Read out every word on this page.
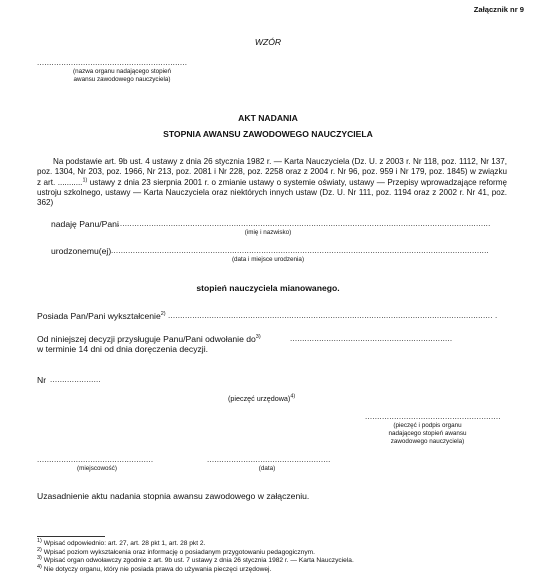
Załącznik nr 9
WZÓR
..............................................................
(nazwa organu nadającego stopień
awansu zawodowego nauczyciela)
AKT NADANIA
STOPNIA AWANSU ZAWODOWEGO NAUCZYCIELA
Na podstawie art. 9b ust. 4 ustawy z dnia 26 stycznia 1982 r. — Karta Nauczyciela (Dz. U. z 2003 r. Nr 118, poz. 1112, Nr 137, poz. 1304, Nr 203, poz. 1966, Nr 213, poz. 2081 i Nr 228, poz. 2258 oraz z 2004 r. Nr 96, poz. 959 i Nr 179, poz. 1845) w związku z art. ...........$^{1)}$ ustawy z dnia 23 sierpnia 2001 r. o zmianie ustawy o systemie oświaty, ustawy — Przepisy wprowadzające reformę ustroju szkolnego, ustawy — Karta Nauczyciela oraz niektórych innych ustaw (Dz. U. Nr 111, poz. 1194 oraz z 2002 r. Nr 41, poz. 362)
nadaję Panu/Pani
...........................................................................................................................................................
(imię i nazwisko)
urodzonemu(ej) ............................................................................................................................................................
(data i miejsce urodzenia)
stopień nauczyciela mianowanego.
Posiada Pan/Pani wykształcenie$^{2)}$ ...................................................................................................................................... .
Od niniejszej decyzji przysługuje Panu/Pani odwołanie $do^{3)}$	...................................................................
w terminie 14 dni od dnia doręczenia decyzji.
Nr .....................
(pieczęć urzędowa)$^{4)}$
........................................................
(pieczęć i podpis organu
nadającego stopień awansu
zawodowego nauczyciela)
................................................
(miejscowość)
...................................................
(data)
Uzasadnienie aktu nadania stopnia awansu zawodowego w załączeniu.
$^{1)}$ Wpisać odpowiednio: art. 27, art. 28 pkt 1, art. 28 pkt 2.
$^{2)}$ Wpisać poziom wykształcenia oraz informację o posiadanym przygotowaniu pedagogicznym.
$^{3)}$ Wpisać organ odwoławczy zgodnie z art. 9b ust. 7 ustawy z dnia 26 stycznia 1982 r. — Karta Nauczyciela.
$^{4)}$ Nie dotyczy organu, który nie posiada prawa do używania pieczęci urzędowej.
